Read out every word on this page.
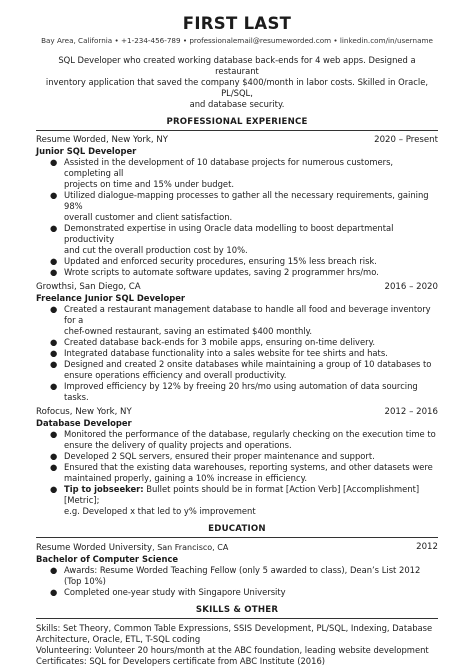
FIRST LAST
Bay Area, California • +1-234-456-789 • professionalemail@resumeworded.com • linkedin.com/in/username
SQL Developer who created working database back-ends for 4 web apps. Designed a restaurant
inventory application that saved the company $400/month in labor costs. Skilled in Oracle, PL/SQL,
and database security.
PROFESSIONAL EXPERIENCE
Resume Worded, New York, NY	2020 – Present
Junior SQL Developer
● Assisted in the development of 10 database projects for numerous customers, completing all
projects on time and 15% under budget.
● Utilized dialogue-mapping processes to gather all the necessary requirements, gaining 98%
overall customer and client satisfaction.
● Demonstrated expertise in using Oracle data modelling to boost departmental productivity
and cut the overall production cost by 10%.
● Updated and enforced security procedures, ensuring 15% less breach risk.
● Wrote scripts to automate software updates, saving 2 programmer hrs/mo.
Growthsi, San Diego, CA	2016 – 2020
Freelance Junior SQL Developer
● Created a restaurant management database to handle all food and beverage inventory for a
chef-owned restaurant, saving an estimated $400 monthly.
● Created database back-ends for 3 mobile apps, ensuring on-time delivery.
● Integrated database functionality into a sales website for tee shirts and hats.
● Designed and created 2 onsite databases while maintaining a group of 10 databases to
ensure operations efficiency and overall productivity.
● Improved efficiency by 12% by freeing 20 hrs/mo using automation of data sourcing tasks.
Rofocus, New York, NY	2012 – 2016
Database Developer
● Monitored the performance of the database, regularly checking on the execution time to
ensure the delivery of quality projects and operations.
● Developed 2 SQL servers, ensured their proper maintenance and support.
● Ensured that the existing data warehouses, reporting systems, and other datasets were
maintained properly, gaining a 10% increase in efficiency.
● Tip to jobseeker: Bullet points should be in format [Action Verb] [Accomplishment] [Metric];
e.g. Developed x that led to y% improvement
EDUCATION
Resume Worded University, San Francisco, CA	2012
Bachelor of Computer Science
● Awards: Resume Worded Teaching Fellow (only 5 awarded to class), Dean’s List 2012 (Top 10%)
● Completed one-year study with Singapore University
SKILLS & OTHER
Skills: Set Theory, Common Table Expressions, SSIS Development, PL/SQL, Indexing, Database
Architecture, Oracle, ETL, T-SQL coding
Volunteering: Volunteer 20 hours/month at the ABC foundation, leading website development
Certificates: SQL for Developers certificate from ABC Institute (2016)
